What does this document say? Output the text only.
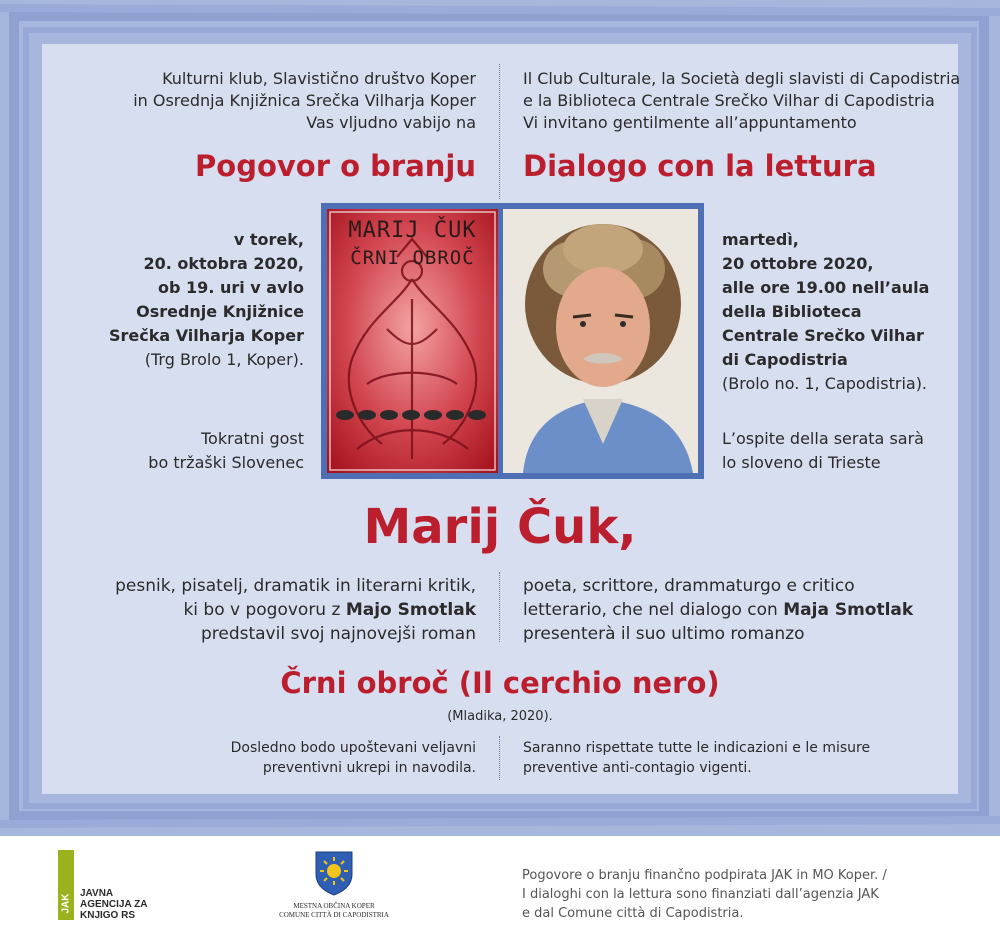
Kulturni klub, Slavistično društvo Koper

in Osrednja Knjižnica Srečka Vilharja Koper

Vas vljudno vabijo na

Il Club Culturale, la Società degli slavisti di Capodistria

e la Biblioteca Centrale Srečko Vilhar di Capodistria

Vi invitano gentilmente all’appuntamento

Pogovor o branju Dialogo con la lettura

v torek,

20. oktobra 2020,

ob 19. uri v avlo

Osrednje Knjižnice

Srečka Vilharja Koper

(Trg Brolo 1, Koper).

Tokratni gost

bo tržaški Slovenec

MARIJ ČUK
ČRNI OBROČ

martedì,

20 ottobre 2020,

alle ore 19.00 nell’aula

della Biblioteca

Centrale Srečko Vilhar

di Capodistria

(Brolo no. 1, Capodistria).

L’ospite della serata sarà

lo sloveno di Trieste

Marij Čuk,

pesnik, pisatelj, dramatik in literarni kritik,

ki bo v pogovoru z Majo Smotlak

predstavil svoj najnovejši roman

poeta, scrittore, drammaturgo e critico

letterario, che nel dialogo con Maja Smotlak

presenterà il suo ultimo romanzo

Črni obroč (Il cerchio nero)

(Mladika, 2020).

Dosledno bodo upoštevani veljavni

preventivni ukrepi in navodila.

Saranno rispettate tutte le indicazioni e le misure

preventive anti-contagio vigenti.

JAK JAVNA
AGENCIJA ZA
KNJIGO RS
MESTNA OBČINA KOPER
COMUNE CITTÀ DI CAPODISTRIA

Pogovore o branju finančno podpirata JAK in MO Koper. /

I dialoghi con la lettura sono finanziati dall’agenzia JAK

e dal Comune città di Capodistria.
